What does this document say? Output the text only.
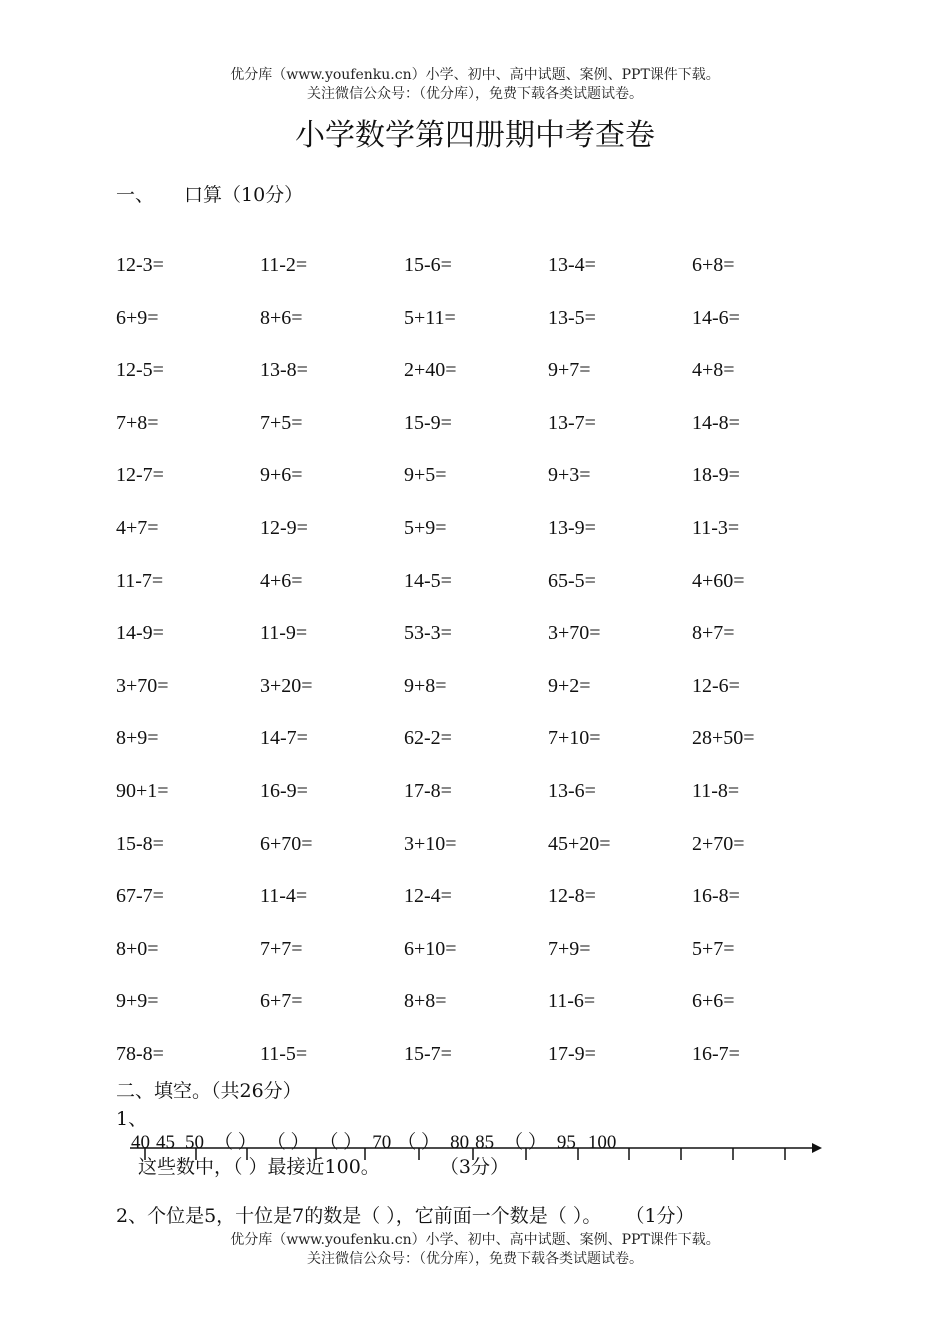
优分库（www.youfenku.cn）小学、初中、高中试题、案例、PPT课件下载。
关注微信公众号：（优分库），免费下载各类试题试卷。
小学数学第四册期中考查卷
一、 口算（10分）
12-3=	11-2=	15-6=	13-4=	6+8=
6+9=	8+6=	5+11=	13-5=	14-6=
12-5=	13-8=	2+40=	9+7=	4+8=
7+8=	7+5=	15-9=	13-7=	14-8=
12-7=	9+6=	9+5=	9+3=	18-9=
4+7=	12-9=	5+9=	13-9=	11-3=
11-7=	4+6=	14-5=	65-5=	4+60=
14-9=	11-9=	53-3=	3+70=	8+7=
3+70=	3+20=	9+8=	9+2=	12-6=
8+9=	14-7=	62-2=	7+10=	28+50=
90+1=	16-9=	17-8=	13-6=	11-8=
15-8=	6+70=	3+10=	45+20=	2+70=
67-7=	11-4=	12-4=	12-8=	16-8=
8+0=	7+7=	6+10=	7+9=	5+7=
9+9=	6+7=	8+8=	11-6=	6+6=
78-8=	11-5=	15-7=	17-9=	16-7=
二、填空。（共26分）
1、
40 45 50 （ ） （ ） （ ） 70 （ ） 80 85 （ ） 95 100
这些数中，（ ）最接近100。	（3分）
2、个位是5，十位是7的数是（ ），它前面一个数是（ ）。 （1分）
优分库（www.youfenku.cn）小学、初中、高中试题、案例、PPT课件下载。
关注微信公众号：（优分库），免费下载各类试题试卷。
